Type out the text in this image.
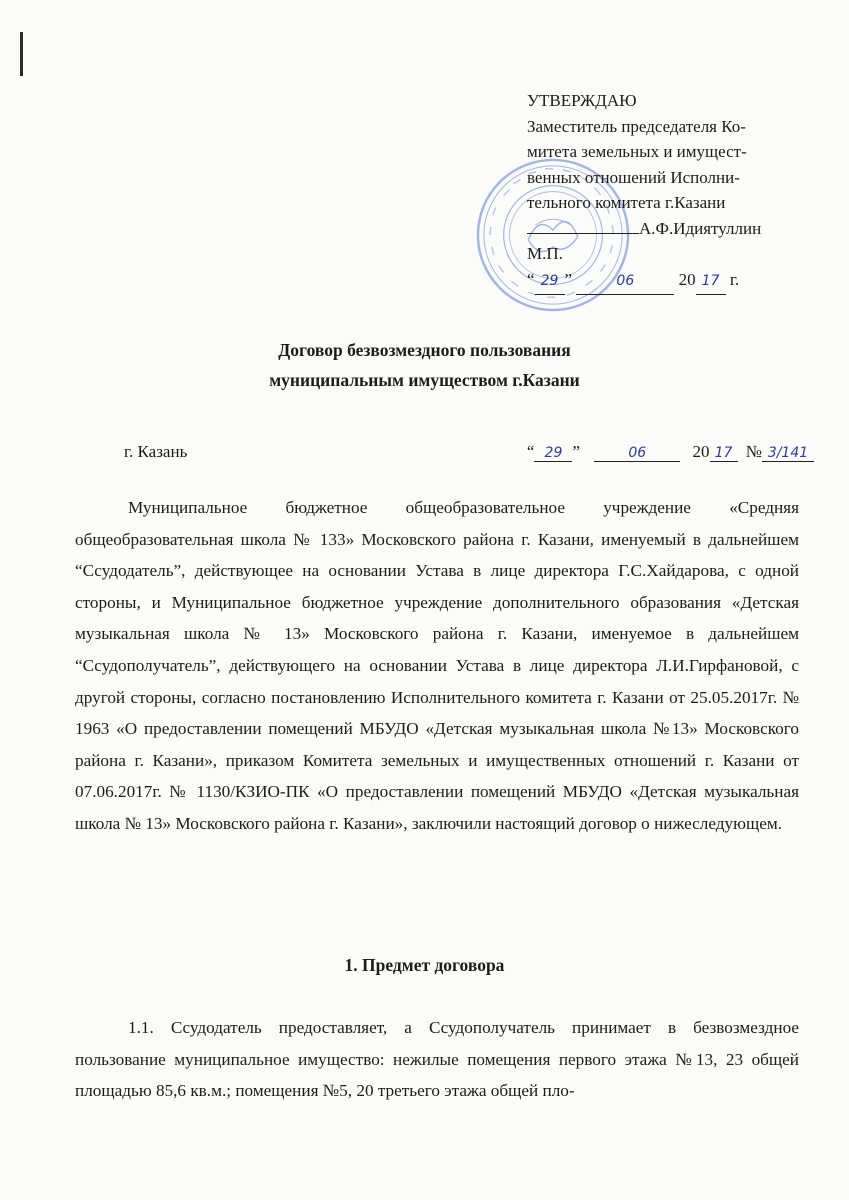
УТВЕРЖДАЮ
Заместитель председателя Ко-
митета земельных и имущест-
венных отношений Исполни-
тельного комитета г.Казани
А.Ф.Идиятуллин
М.П.
“ 29 ”	06	20 17 г.
Договор безвозмездного пользования
муниципальным имуществом г.Казани
г. Казань	“ 29 ”	06	20 17 № 3/141

Муниципальное бюджетное общеобразовательное учреждение «Средняя общеобразовательная школа № 133» Московского района г. Казани, именуемый в дальнейшем “Ссудодатель”, действующее на основании Устава в лице директора Г.С.Хайдарова, с одной стороны, и Муниципальное бюджетное учреждение дополнительного образования «Детская музыкальная школа № 13» Московского района г. Казани, именуемое в дальнейшем “Ссудополучатель”, действующего на основании Устава в лице директора Л.И.Гирфановой, с другой стороны, согласно постановлению Исполнительного комитета г. Казани от 25.05.2017г. № 1963 «О предоставлении помещений МБУДО «Детская музыкальная школа №13» Московского района г. Казани», приказом Комитета земельных и имущественных отношений г. Казани от 07.06.2017г. № 1130/КЗИО-ПК «О предоставлении помещений МБУДО «Детская музыкальная школа № 13» Московского района г. Казани», заключили настоящий договор о нижеследующем.

1. Предмет договора

1.1. Ссудодатель предоставляет, а Ссудополучатель принимает в безвозмездное пользование муниципальное имущество: нежилые помещения первого этажа №13, 23 общей площадью 85,6 кв.м.; помещения №5, 20 третьего этажа общей пло-
